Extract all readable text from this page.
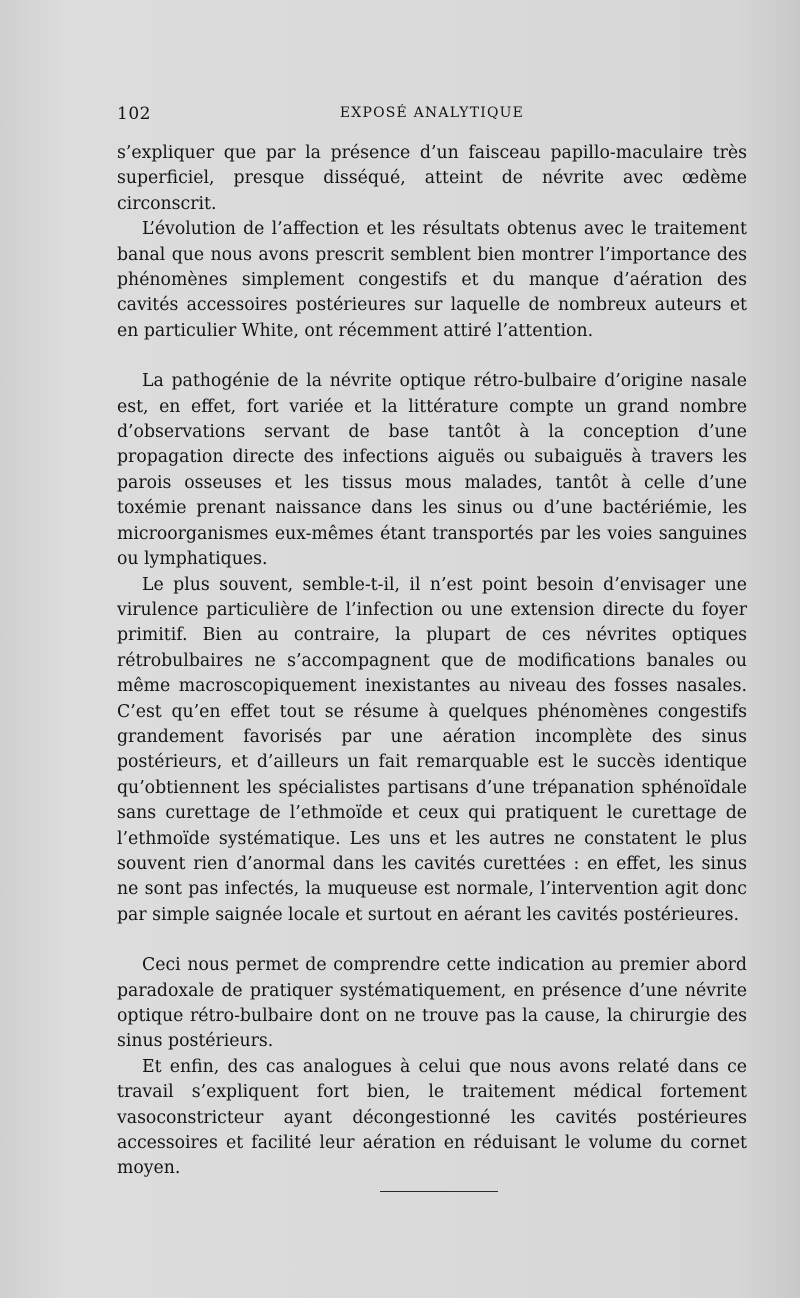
102	EXPOSÉ ANALYTIQUE

s’expliquer que par la présence d’un faisceau papillo-maculaire très superficiel, presque disséqué, atteint de névrite avec œdème circonscrit.

L’évolution de l’affection et les résultats obtenus avec le traitement banal que nous avons prescrit semblent bien montrer l’importance des phénomènes simplement congestifs et du manque d’aération des cavités accessoires postérieures sur laquelle de nombreux auteurs et en particulier White, ont récemment attiré l’attention.

La pathogénie de la névrite optique rétro-bulbaire d’origine nasale est, en effet, fort variée et la littérature compte un grand nombre d’observations servant de base tantôt à la conception d’une propagation directe des infections aiguës ou subaiguës à travers les parois osseuses et les tissus mous malades, tantôt à celle d’une toxémie prenant naissance dans les sinus ou d’une bactériémie, les microorganismes eux-mêmes étant transportés par les voies sanguines ou lymphatiques.

Le plus souvent, semble-t-il, il n’est point besoin d’envisager une virulence particulière de l’infection ou une extension directe du foyer primitif. Bien au contraire, la plupart de ces névrites optiques rétrobulbaires ne s’accompagnent que de modifications banales ou même macroscopiquement inexistantes au niveau des fosses nasales. C’est qu’en effet tout se résume à quelques phénomènes congestifs grandement favorisés par une aération incomplète des sinus postérieurs, et d’ailleurs un fait remarquable est le succès identique qu’obtiennent les spécialistes partisans d’une trépanation sphénoïdale sans curettage de l’ethmoïde et ceux qui pratiquent le curettage de l’ethmoïde systématique. Les uns et les autres ne constatent le plus souvent rien d’anormal dans les cavités curettées : en effet, les sinus ne sont pas infectés, la muqueuse est normale, l’intervention agit donc par simple saignée locale et surtout en aérant les cavités postérieures.

Ceci nous permet de comprendre cette indication au premier abord paradoxale de pratiquer systématiquement, en présence d’une névrite optique rétro-bulbaire dont on ne trouve pas la cause, la chirurgie des sinus postérieurs.

Et enfin, des cas analogues à celui que nous avons relaté dans ce travail s’expliquent fort bien, le traitement médical fortement vasoconstricteur ayant décongestionné les cavités postérieures accessoires et facilité leur aération en réduisant le volume du cornet moyen.
